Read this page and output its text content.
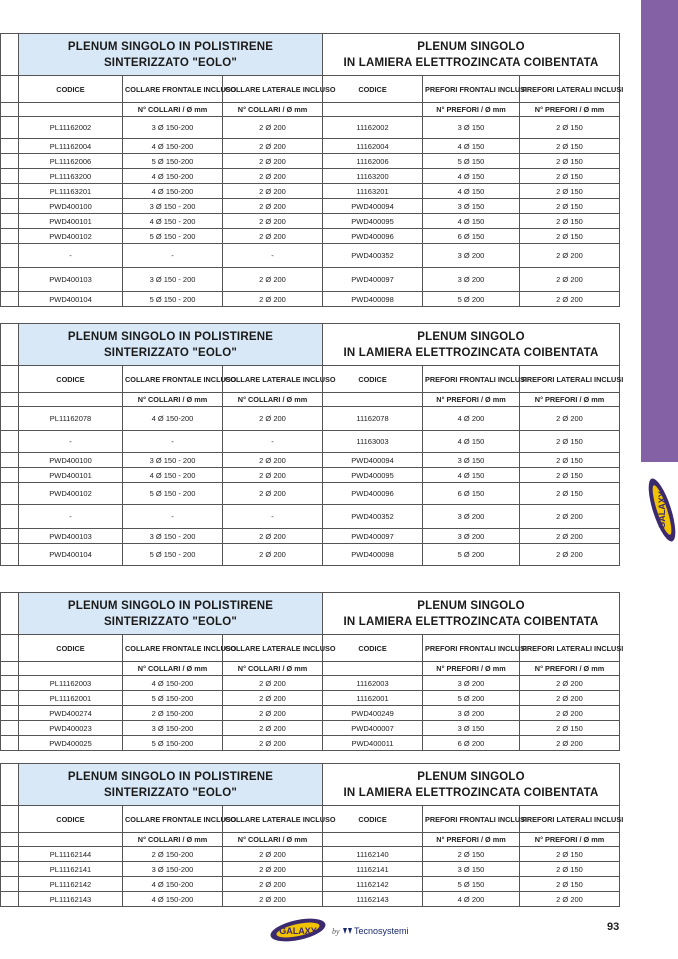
GALAXY

	PLENUM SINGOLO IN POLISTIRENE
SINTERIZZATO "EOLO"			PLENUM SINGOLO
IN LAMIERA ELETTROZINCATA COIBENTATA		

	CODICE	COLLARE FRONTALE INCLUSO	COLLARE LATERALE INCLUSO	CODICE	PREFORI FRONTALI INCLUSI	PREFORI LATERALI INCLUSI
		N° COLLARI / Ø mm	N° COLLARI / Ø mm		N° PREFORI / Ø mm	N° PREFORI / Ø mm
	PL11162002	3 Ø 150-200	2 Ø 200	11162002	3 Ø 150	2 Ø 150
	PL11162004	4 Ø 150-200	2 Ø 200	11162004	4 Ø 150	2 Ø 150
	PL11162006	5 Ø 150-200	2 Ø 200	11162006	5 Ø 150	2 Ø 150
	PL11163200	4 Ø 150-200	2 Ø 200	11163200	4 Ø 150	2 Ø 150
	PL11163201	4 Ø 150-200	2 Ø 200	11163201	4 Ø 150	2 Ø 150
	PWD400100	3 Ø 150 - 200	2 Ø 200	PWD400094	3 Ø 150	2 Ø 150
	PWD400101	4 Ø 150 - 200	2 Ø 200	PWD400095	4 Ø 150	2 Ø 150
	PWD400102	5 Ø 150 - 200	2 Ø 200	PWD400096	6 Ø 150	2 Ø 150
	-	-	-	PWD400352	3 Ø 200	2 Ø 200
	PWD400103	3 Ø 150 - 200	2 Ø 200	PWD400097	3 Ø 200	2 Ø 200
	PWD400104	5 Ø 150 - 200	2 Ø 200	PWD400098	5 Ø 200	2 Ø 200

	PLENUM SINGOLO IN POLISTIRENE
SINTERIZZATO "EOLO"			PLENUM SINGOLO
IN LAMIERA ELETTROZINCATA COIBENTATA		

	CODICE	COLLARE FRONTALE INCLUSO	COLLARE LATERALE INCLUSO	CODICE	PREFORI FRONTALI INCLUSI	PREFORI LATERALI INCLUSI
		N° COLLARI / Ø mm	N° COLLARI / Ø mm		N° PREFORI / Ø mm	N° PREFORI / Ø mm
	PL11162078	4 Ø 150-200	2 Ø 200	11162078	4 Ø 200	2 Ø 200
	-	-	-	11163003	4 Ø 150	2 Ø 150
	PWD400100	3 Ø 150 - 200	2 Ø 200	PWD400094	3 Ø 150	2 Ø 150
	PWD400101	4 Ø 150 - 200	2 Ø 200	PWD400095	4 Ø 150	2 Ø 150
	PWD400102	5 Ø 150 - 200	2 Ø 200	PWD400096	6 Ø 150	2 Ø 150
	-	-	-	PWD400352	3 Ø 200	2 Ø 200
	PWD400103	3 Ø 150 - 200	2 Ø 200	PWD400097	3 Ø 200	2 Ø 200
	PWD400104	5 Ø 150 - 200	2 Ø 200	PWD400098	5 Ø 200	2 Ø 200

	PLENUM SINGOLO IN POLISTIRENE
SINTERIZZATO "EOLO"			PLENUM SINGOLO
IN LAMIERA ELETTROZINCATA COIBENTATA		

	CODICE	COLLARE FRONTALE INCLUSO	COLLARE LATERALE INCLUSO	CODICE	PREFORI FRONTALI INCLUSI	PREFORI LATERALI INCLUSI
		N° COLLARI / Ø mm	N° COLLARI / Ø mm		N° PREFORI / Ø mm	N° PREFORI / Ø mm
	PL11162003	4 Ø 150-200	2 Ø 200	11162003	3 Ø 200	2 Ø 200
	PL11162001	5 Ø 150-200	2 Ø 200	11162001	5 Ø 200	2 Ø 200
	PWD400274	2 Ø 150-200	2 Ø 200	PWD400249	3 Ø 200	2 Ø 200
	PWD400023	3 Ø 150-200	2 Ø 200	PWD400007	3 Ø 150	2 Ø 150
	PWD400025	5 Ø 150-200	2 Ø 200	PWD400011	6 Ø 200	2 Ø 200

	PLENUM SINGOLO IN POLISTIRENE
SINTERIZZATO "EOLO"			PLENUM SINGOLO
IN LAMIERA ELETTROZINCATA COIBENTATA		

	CODICE	COLLARE FRONTALE INCLUSO	COLLARE LATERALE INCLUSO	CODICE	PREFORI FRONTALI INCLUSI	PREFORI LATERALI INCLUSI
		N° COLLARI / Ø mm	N° COLLARI / Ø mm		N° PREFORI / Ø mm	N° PREFORI / Ø mm
	PL11162144	2 Ø 150-200	2 Ø 200	11162140	2 Ø 150	2 Ø 150
	PL11162141	3 Ø 150-200	2 Ø 200	11162141	3 Ø 150	2 Ø 150
	PL11162142	4 Ø 150-200	2 Ø 200	11162142	5 Ø 150	2 Ø 150
	PL11162143	4 Ø 150-200	2 Ø 200	11162143	4 Ø 200	2 Ø 200
GALAXY by Tecnosystemi	93
